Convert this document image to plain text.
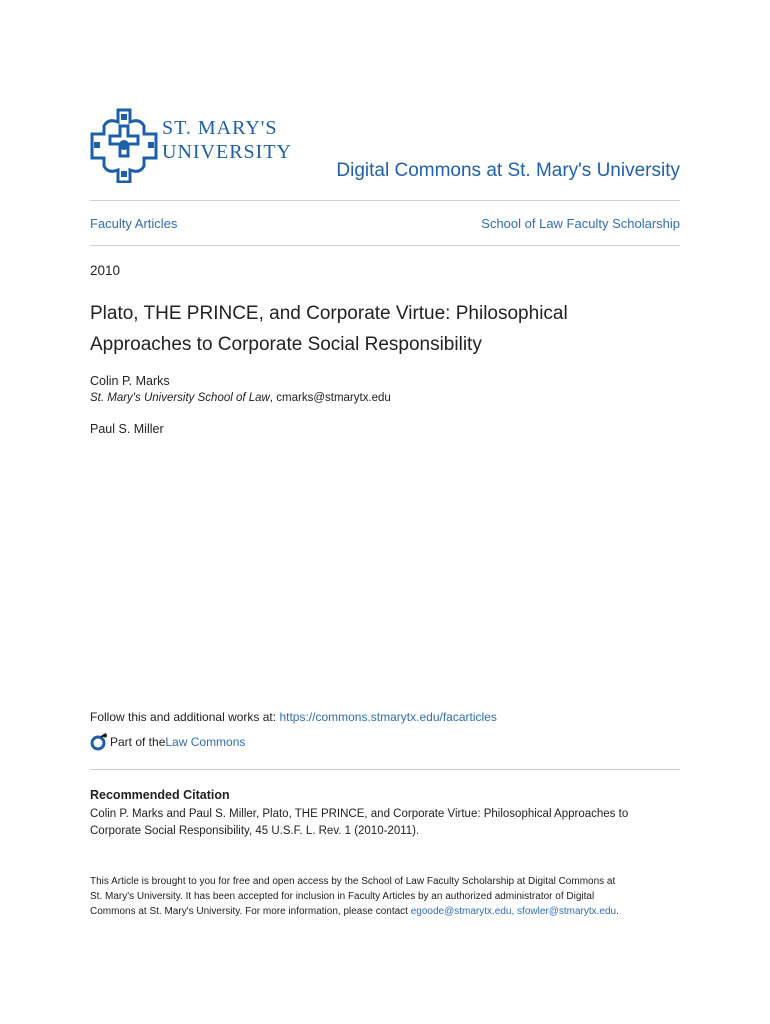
ST. MARY'S
UNIVERSITY
Digital Commons at St. Mary's University
Faculty Articles	School of Law Faculty Scholarship
2010
Plato, THE PRINCE, and Corporate Virtue: Philosophical
Approaches to Corporate Social Responsibility
Colin P. Marks
St. Mary's University School of Law, cmarks@stmarytx.edu
Paul S. Miller
Follow this and additional works at: https://commons.stmarytx.edu/facarticles
Part of the Law Commons
Recommended Citation
Colin P. Marks and Paul S. Miller, Plato, THE PRINCE, and Corporate Virtue: Philosophical Approaches to Corporate Social Responsibility, 45 U.S.F. L. Rev. 1 (2010-2011).
This Article is brought to you for free and open access by the School of Law Faculty Scholarship at Digital Commons at St. Mary's University. It has been accepted for inclusion in Faculty Articles by an authorized administrator of Digital Commons at St. Mary's University. For more information, please contact egoode@stmarytx.edu, sfowler@stmarytx.edu.
